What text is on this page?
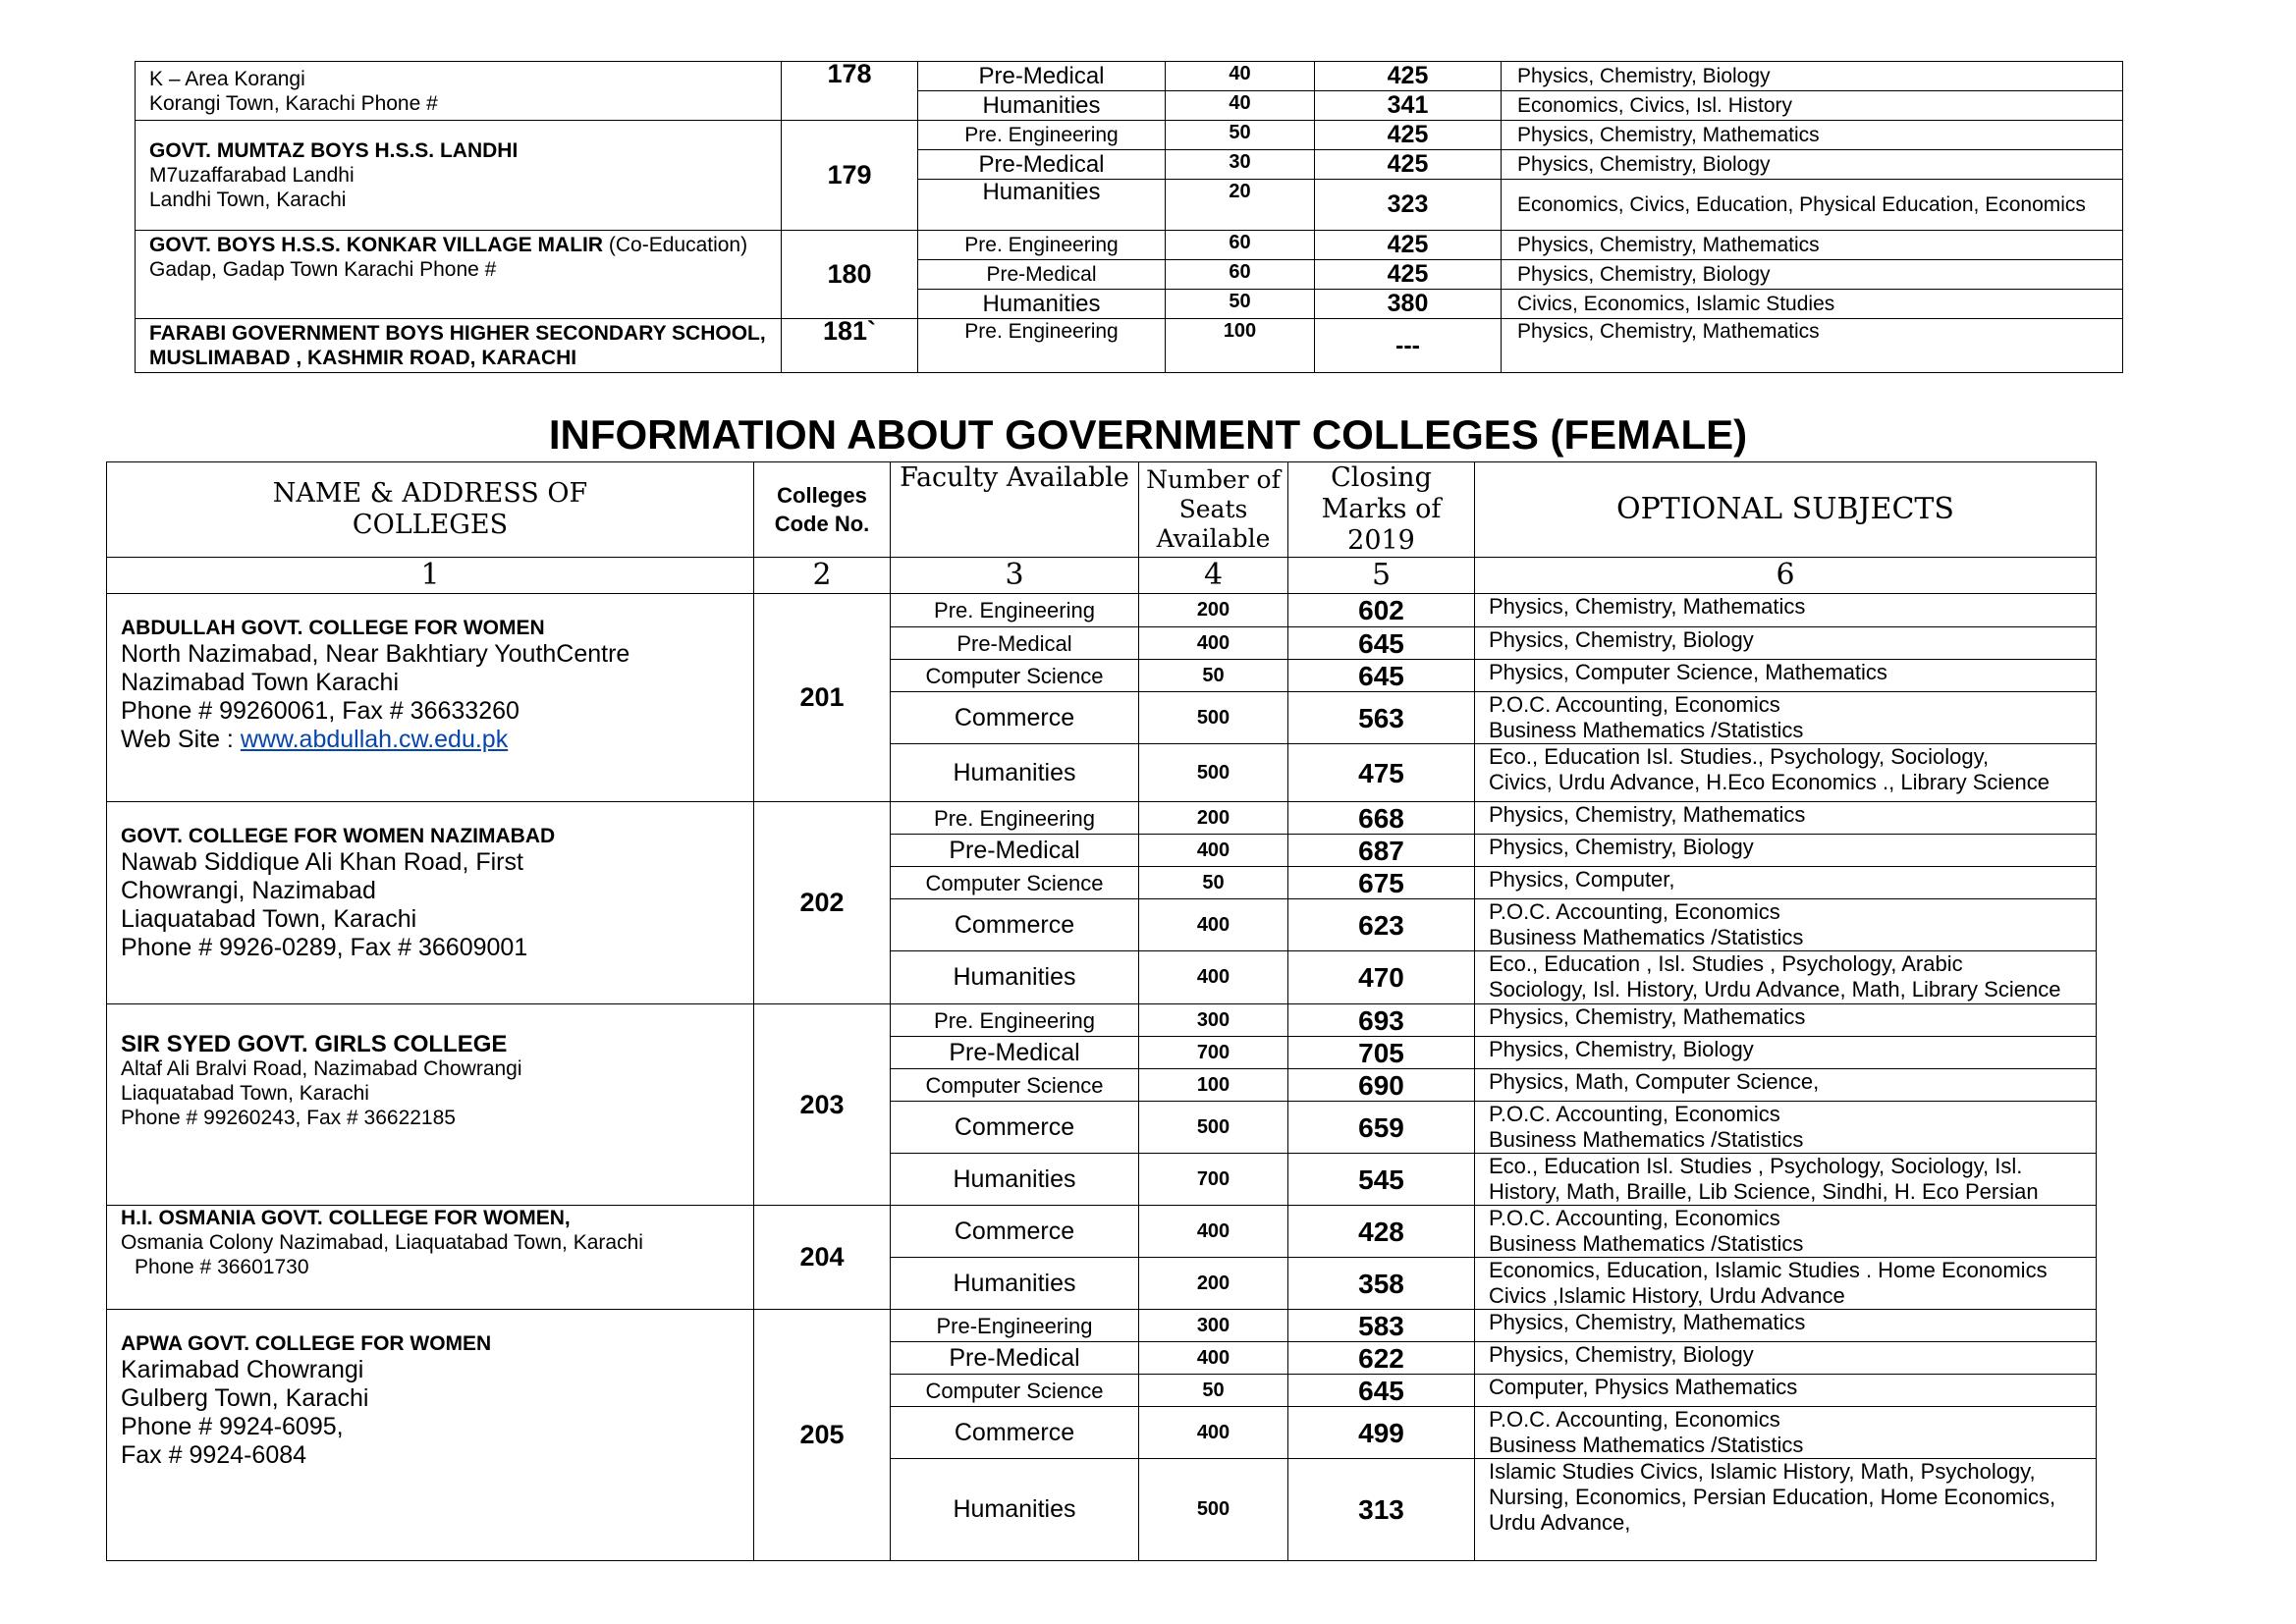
K – Area Korangi
Korangi Town, Karachi Phone #	178	Pre-Medical	40	425	Physics, Chemistry, Biology
		Humanities	40	341	Economics, Civics, Isl. History

GOVT. MUMTAZ BOYS H.S.S. LANDHI
M7uzaffarabad Landhi
Landhi Town, Karachi	179	Pre. Engineering	50	425	Physics, Chemistry, Mathematics
		Pre-Medical	30	425	Physics, Chemistry, Biology
		Humanities	20	323	Economics, Civics, Education, Physical Education, Economics
GOVT. BOYS H.S.S. KONKAR VILLAGE MALIR (Co-Education)
Gadap, Gadap Town Karachi Phone #	180	Pre. Engineering	60	425	Physics, Chemistry, Mathematics
		Pre-Medical	60	425	Physics, Chemistry, Biology
		Humanities	50	380	Civics, Economics, Islamic Studies

FARABI GOVERNMENT BOYS HIGHER SECONDARY SCHOOL, MUSLIMABAD , KASHMIR ROAD, KARACHI	181`	Pre. Engineering	100	---	Physics, Chemistry, Mathematics
INFORMATION ABOUT GOVERNMENT COLLEGES (FEMALE)
NAME & ADDRESS OF COLLEGES	Colleges Code No.	Faculty Available	Number of Seats Available	Closing Marks of 2019	OPTIONAL SUBJECTS
1	2	3	4	5	6

ABDULLAH GOVT. COLLEGE FOR WOMEN
North Nazimabad, Near Bakhtiary YouthCentre
Nazimabad Town Karachi
Phone # 99260061, Fax # 36633260
Web Site : www.abdullah.cw.edu.pk	201	Pre. Engineering	200	602	Physics, Chemistry, Mathematics

		Pre-Medical	400	645	Physics, Chemistry, Biology

		Computer Science	50	645	Physics, Computer Science, Mathematics

		Commerce	500	563	P.O.C. Accounting, Economics
Business Mathematics /Statistics

		Humanities	500	475	Eco., Education Isl. Studies., Psychology, Sociology,
Civics, Urdu Advance, H.Eco Economics ., Library Science

GOVT. COLLEGE FOR WOMEN NAZIMABAD
Nawab Siddique Ali Khan Road, First
Chowrangi, Nazimabad
Liaquatabad Town, Karachi
Phone # 9926-0289, Fax # 36609001	202	Pre. Engineering	200	668	Physics, Chemistry, Mathematics

		Pre-Medical	400	687	Physics, Chemistry, Biology

		Computer Science	50	675	Physics, Computer,

		Commerce	400	623	P.O.C. Accounting, Economics
Business Mathematics /Statistics

		Humanities	400	470	Eco., Education , Isl. Studies , Psychology, Arabic
Sociology, Isl. History, Urdu Advance, Math, Library Science

SIR SYED GOVT. GIRLS COLLEGE
Altaf Ali Bralvi Road, Nazimabad Chowrangi
Liaquatabad Town, Karachi
Phone # 99260243, Fax # 36622185	203	Pre. Engineering	300	693	Physics, Chemistry, Mathematics

		Pre-Medical	700	705	Physics, Chemistry, Biology

		Computer Science	100	690	Physics, Math, Computer Science,

		Commerce	500	659	P.O.C. Accounting, Economics
Business Mathematics /Statistics

		Humanities	700	545	Eco., Education Isl. Studies , Psychology, Sociology, Isl.
History, Math, Braille, Lib Science, Sindhi, H. Eco Persian

H.I. OSMANIA GOVT. COLLEGE FOR WOMEN,
Osmania Colony Nazimabad, Liaquatabad Town, Karachi
Phone # 36601730	204	Commerce	400	428	P.O.C. Accounting, Economics
Business Mathematics /Statistics

		Humanities	200	358	Economics, Education, Islamic Studies . Home Economics
Civics ,Islamic History, Urdu Advance

APWA GOVT. COLLEGE FOR WOMEN
Karimabad Chowrangi
Gulberg Town, Karachi
Phone # 9924-6095,
Fax # 9924-6084	205	Pre-Engineering	300	583	Physics, Chemistry, Mathematics

		Pre-Medical	400	622	Physics, Chemistry, Biology

		Computer Science	50	645	Computer, Physics Mathematics

		Commerce	400	499	P.O.C. Accounting, Economics
Business Mathematics /Statistics

		Humanities	500	313	Islamic Studies Civics, Islamic History, Math, Psychology,
Nursing, Economics, Persian Education, Home Economics,
Urdu Advance,
